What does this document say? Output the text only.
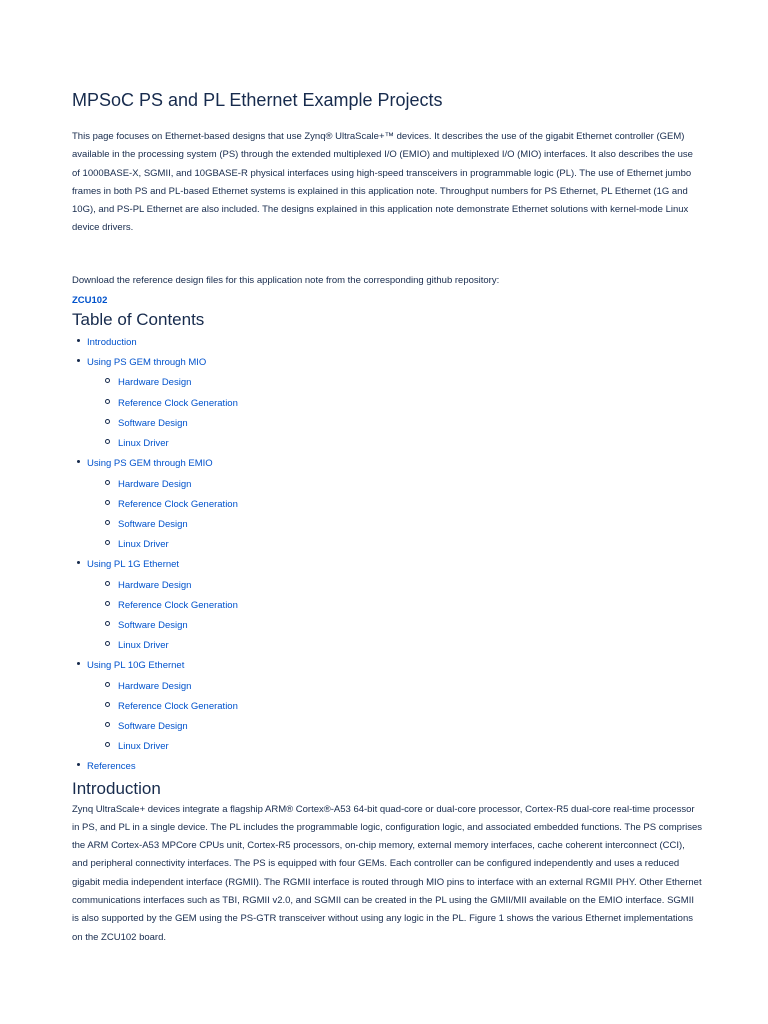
MPSoC PS and PL Ethernet Example Projects

This page focuses on Ethernet-based designs that use Zynq® UltraScale+™ devices. It describes the use of the gigabit Ethernet controller (GEM) available in the processing system (PS) through the extended multiplexed I/O (EMIO) and multiplexed I/O (MIO) interfaces. It also describes the use of 1000BASE-X, SGMII, and 10GBASE-R physical interfaces using high-speed transceivers in programmable logic (PL). The use of Ethernet jumbo frames in both PS and PL-based Ethernet systems is explained in this application note. Throughput numbers for PS Ethernet, PL Ethernet (1G and 10G), and PS-PL Ethernet are also included. The designs explained in this application note demonstrate Ethernet solutions with kernel-mode Linux device drivers.

Download the reference design files for this application note from the corresponding github repository:

ZCU102
Table of Contents
Introduction
Using PS GEM through MIO
Hardware Design
Reference Clock Generation
Software Design
Linux Driver
Using PS GEM through EMIO
Hardware Design
Reference Clock Generation
Software Design
Linux Driver
Using PL 1G Ethernet
Hardware Design
Reference Clock Generation
Software Design
Linux Driver
Using PL 10G Ethernet
Hardware Design
Reference Clock Generation
Software Design
Linux Driver
References
Introduction

Zynq UltraScale+ devices integrate a flagship ARM® Cortex®-A53 64-bit quad-core or dual-core processor, Cortex-R5 dual-core real-time processor in PS, and PL in a single device. The PL includes the programmable logic, configuration logic, and associated embedded functions. The PS comprises the ARM Cortex-A53 MPCore CPUs unit, Cortex-R5 processors, on-chip memory, external memory interfaces, cache coherent interconnect (CCI), and peripheral connectivity interfaces. The PS is equipped with four GEMs. Each controller can be configured independently and uses a reduced gigabit media independent interface (RGMII). The RGMII interface is routed through MIO pins to interface with an external RGMII PHY. Other Ethernet communications interfaces such as TBI, RGMII v2.0, and SGMII can be created in the PL using the GMII/MII available on the EMIO interface. SGMII is also supported by the GEM using the PS-GTR transceiver without using any logic in the PL. Figure 1 shows the various Ethernet implementations on the ZCU102 board.
